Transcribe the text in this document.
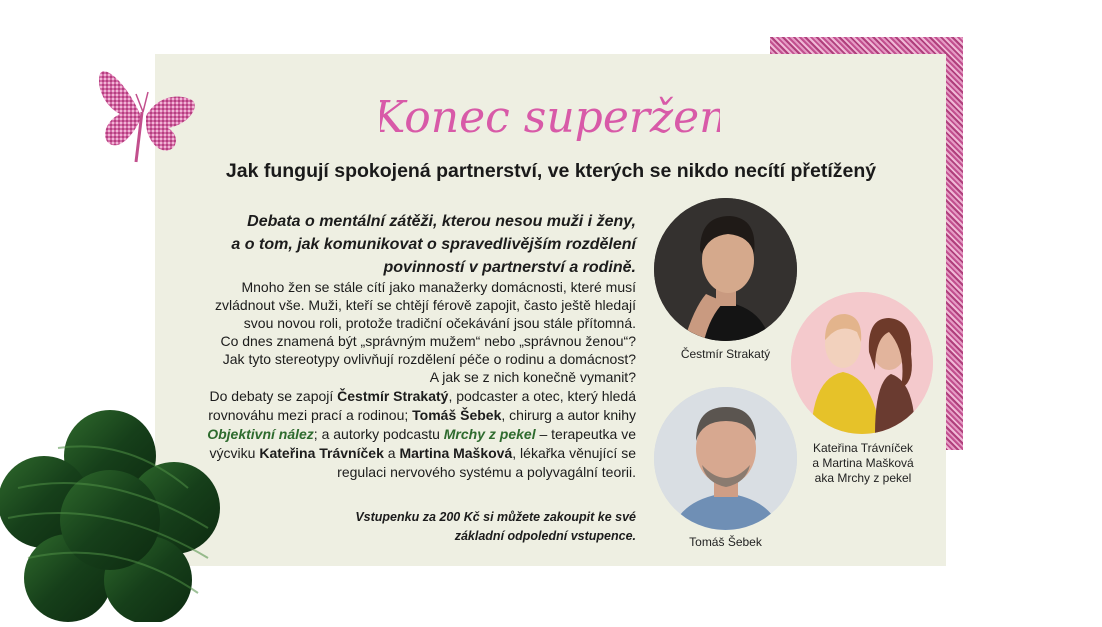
Konec superžen
Jak fungují spokojená partnerství, ve kterých se nikdo necítí přetížený

Debata o mentální zátěži, kterou nesou muži i ženy,
a o tom, jak komunikovat o spravedlivějším rozdělení
povinností v partnerství a rodině.

Mnoho žen se stále cítí jako manažerky domácnosti, které musí
zvládnout vše. Muži, kteří se chtějí férově zapojit, často ještě hledají
svou novou roli, protože tradiční očekávání jsou stále přítomná.
Co dnes znamená být „správným mužem“ nebo „správnou ženou“?
Jak tyto stereotypy ovlivňují rozdělení péče o rodinu a domácnost?
A jak se z nich konečně vymanit?

Do debaty se zapojí Čestmír Strakatý, podcaster a otec, který hledá rovnováhu mezi prací a rodinou; Tomáš Šebek, chirurg a autor knihy Objektivní nález; a autorky podcastu Mrchy z pekel – terapeutka ve výcviku Kateřina Trávníček a Martina Mašková, lékařka věnující se regulaci nervového systému a polyvagální teorii.

Vstupenku za 200 Kč si můžete zakoupit ke své
základní odpolední vstupence.

Čestmír Strakatý

Kateřina Trávníček
a Martina Mašková
aka Mrchy z pekel

Tomáš Šebek
